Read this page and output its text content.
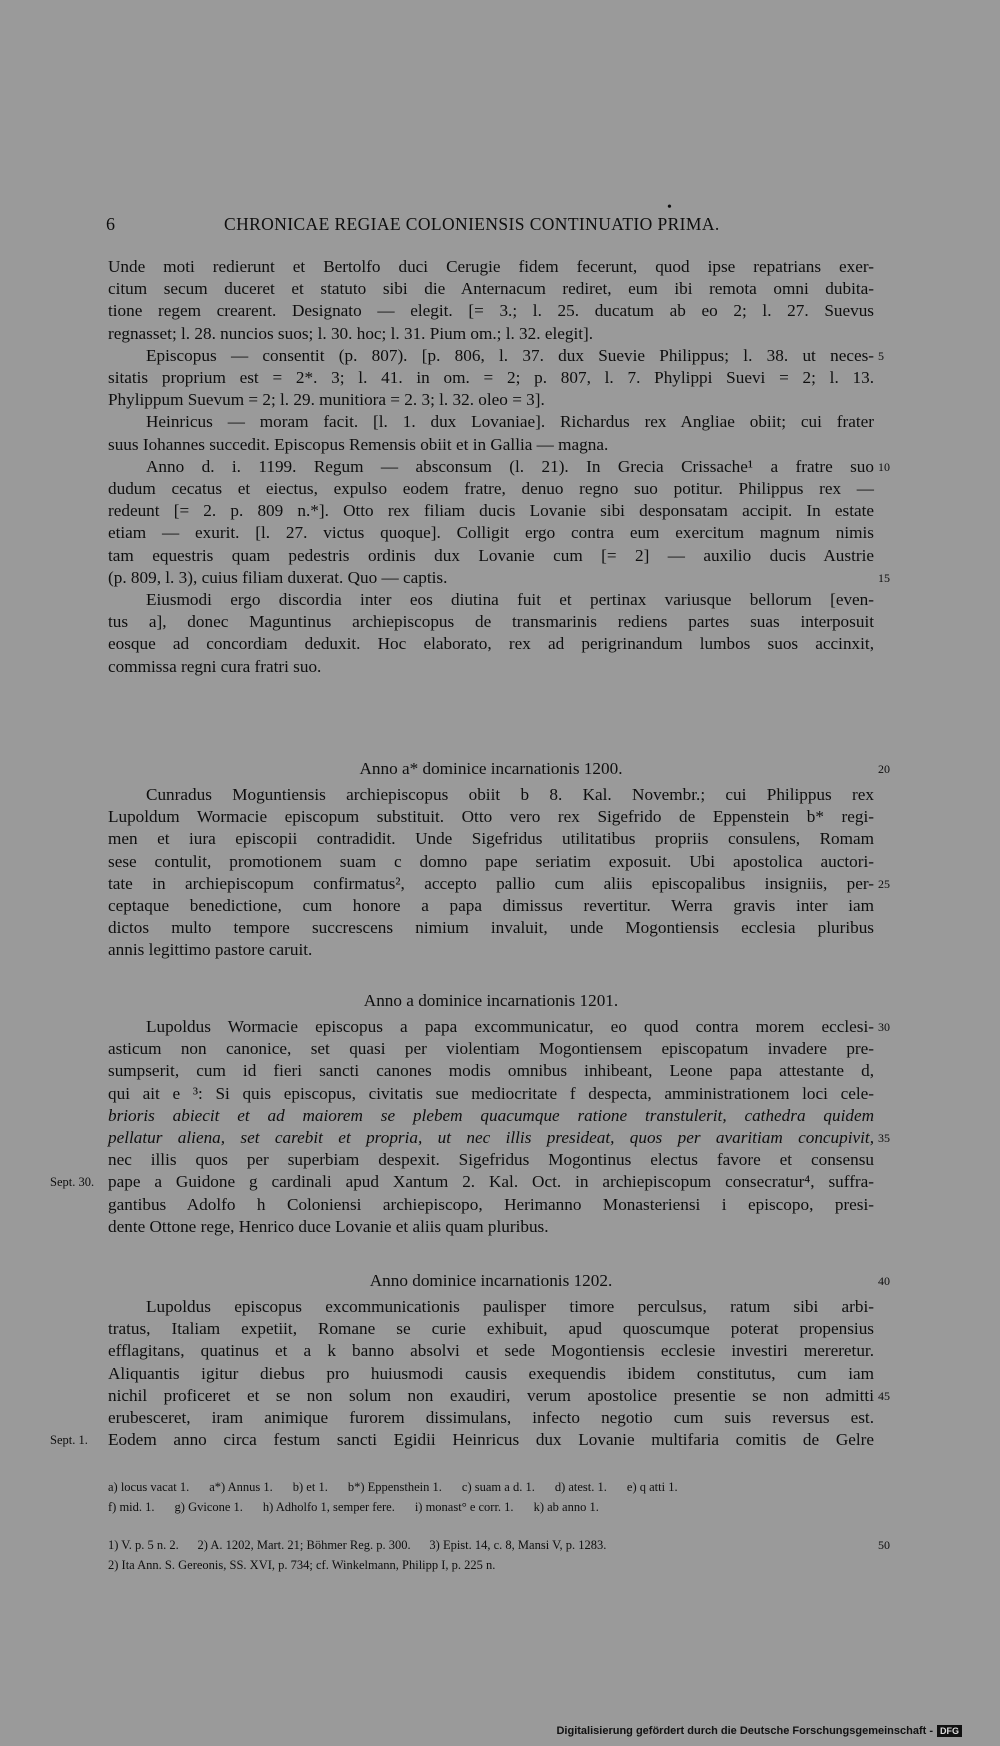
6	CHRONICAE REGIAE COLONIENSIS CONTINUATIO PRIMA.
•
Unde moti redierunt et Bertolfo duci Cerugie fidem fecerunt, quod ipse repatrians exer-
citum secum duceret et statuto sibi die Anternacum rediret, eum ibi remota omni dubita-
tione regem crearent. Designato — elegit. [= 3.; l. 25. ducatum ab eo 2; l. 27. Suevus
regnasset; l. 28. nuncios suos; l. 30. hoc; l. 31. Pium om.; l. 32. elegit].
Episcopus — consentit (p. 807). [p. 806, l. 37. dux Suevie Philippus; l. 38. ut neces- 5
sitatis proprium est = 2*. 3; l. 41. in om. = 2; p. 807, l. 7. Phylippi Suevi = 2; l. 13.
Phylippum Suevum = 2; l. 29. munitiora = 2. 3; l. 32. oleo = 3].
Heinricus — moram facit. [l. 1. dux Lovaniae]. Richardus rex Angliae obiit; cui frater
suus Iohannes succedit. Episcopus Remensis obiit et in Gallia — magna.
Anno d. i. 1199. Regum — absconsum (l. 21). In Grecia Crissache¹ a fratre suo 10
dudum cecatus et eiectus, expulso eodem fratre, denuo regno suo potitur. Philippus rex —
redeunt [= 2. p. 809 n.*]. Otto rex filiam ducis Lovanie sibi desponsatam accipit. In estate
etiam — exurit. [l. 27. victus quoque]. Colligit ergo contra eum exercitum magnum nimis
tam equestris quam pedestris ordinis dux Lovanie cum [= 2] — auxilio ducis Austrie
(p. 809, l. 3), cuius filiam duxerat. Quo — captis.	15
Eiusmodi ergo discordia inter eos diutina fuit et pertinax variusque bellorum [even-
tus a], donec Maguntinus archiepiscopus de transmarinis rediens partes suas interposuit
eosque ad concordiam deduxit. Hoc elaborato, rex ad perigrinandum lumbos suos accinxit,
commissa regni cura fratri suo.
Anno a* dominice incarnationis 1200.	20
Cunradus Moguntiensis archiepiscopus obiit b 8. Kal. Novembr.; cui Philippus rex
Lupoldum Wormacie episcopum substituit. Otto vero rex Sigefrido de Eppenstein b* regi-
men et iura episcopii contradidit. Unde Sigefridus utilitatibus propriis consulens, Romam
sese contulit, promotionem suam c domno pape seriatim exposuit. Ubi apostolica auctori-
tate in archiepiscopum confirmatus², accepto pallio cum aliis episcopalibus insigniis, per- 25
ceptaque benedictione, cum honore a papa dimissus revertitur. Werra gravis inter iam
dictos multo tempore succrescens nimium invaluit, unde Mogontiensis ecclesia pluribus
annis legittimo pastore caruit.
Anno a dominice incarnationis 1201.
Lupoldus Wormacie episcopus a papa excommunicatur, eo quod contra morem ecclesi- 30
asticum non canonice, set quasi per violentiam Mogontiensem episcopatum invadere pre-
sumpserit, cum id fieri sancti canones modis omnibus inhibeant, Leone papa attestante d,
qui ait e ³: Si quis episcopus, civitatis sue mediocritate f despecta, amministrationem loci cele-
brioris abiecit et ad maiorem se plebem quacumque ratione transtulerit, cathedra quidem
pellatur aliena, set carebit et propria, ut nec illis presideat, quos per avaritiam concupivit, 35
nec illis quos per superbiam despexit. Sigefridus Mogontinus electus favore et consensu
pape a Guidone g cardinali apud Xantum 2. Kal. Oct. in archiepiscopum consecratur⁴, suffra-
Sept. 30.
gantibus Adolfo h Coloniensi archiepiscopo, Herimanno Monasteriensi i episcopo, presi-
dente Ottone rege, Henrico duce Lovanie et aliis quam pluribus.
Anno dominice incarnationis 1202.	40
Lupoldus episcopus excommunicationis paulisper timore perculsus, ratum sibi arbi-
tratus, Italiam expetiit, Romane se curie exhibuit, apud quoscumque poterat propensius
efflagitans, quatinus et a k banno absolvi et sede Mogontiensis ecclesie investiri mereretur.
Aliquantis igitur diebus pro huiusmodi causis exequendis ibidem constitutus, cum iam
nichil proficeret et se non solum non exaudiri, verum apostolice presentie se non admitti 45
erubesceret, iram animique furorem dissimulans, infecto negotio cum suis reversus est.
Eodem anno circa festum sancti Egidii Heinricus dux Lovanie multifaria comitis de Gelre
Sept. 1.
a) locus vacat 1. a*) Annus 1. b) et 1. b*) Eppensthein 1. c) suam a d. 1. d) atest. 1. e) q atti 1.
f) mid. 1. g) Gvicone 1. h) Adholfo 1, semper fere. i) monast° e corr. 1. k) ab anno 1.
1) V. p. 5 n. 2.      2) A. 1202, Mart. 21; Böhmer Reg. p. 300.      3) Epist. 14, c. 8, Mansi V, p. 1283.	50
2) Ita Ann. S. Gereonis, SS. XVI, p. 734; cf. Winkelmann, Philipp I, p. 225 n.
Digitalisierung gefördert durch die Deutsche Forschungsgemeinschaft - DFG
